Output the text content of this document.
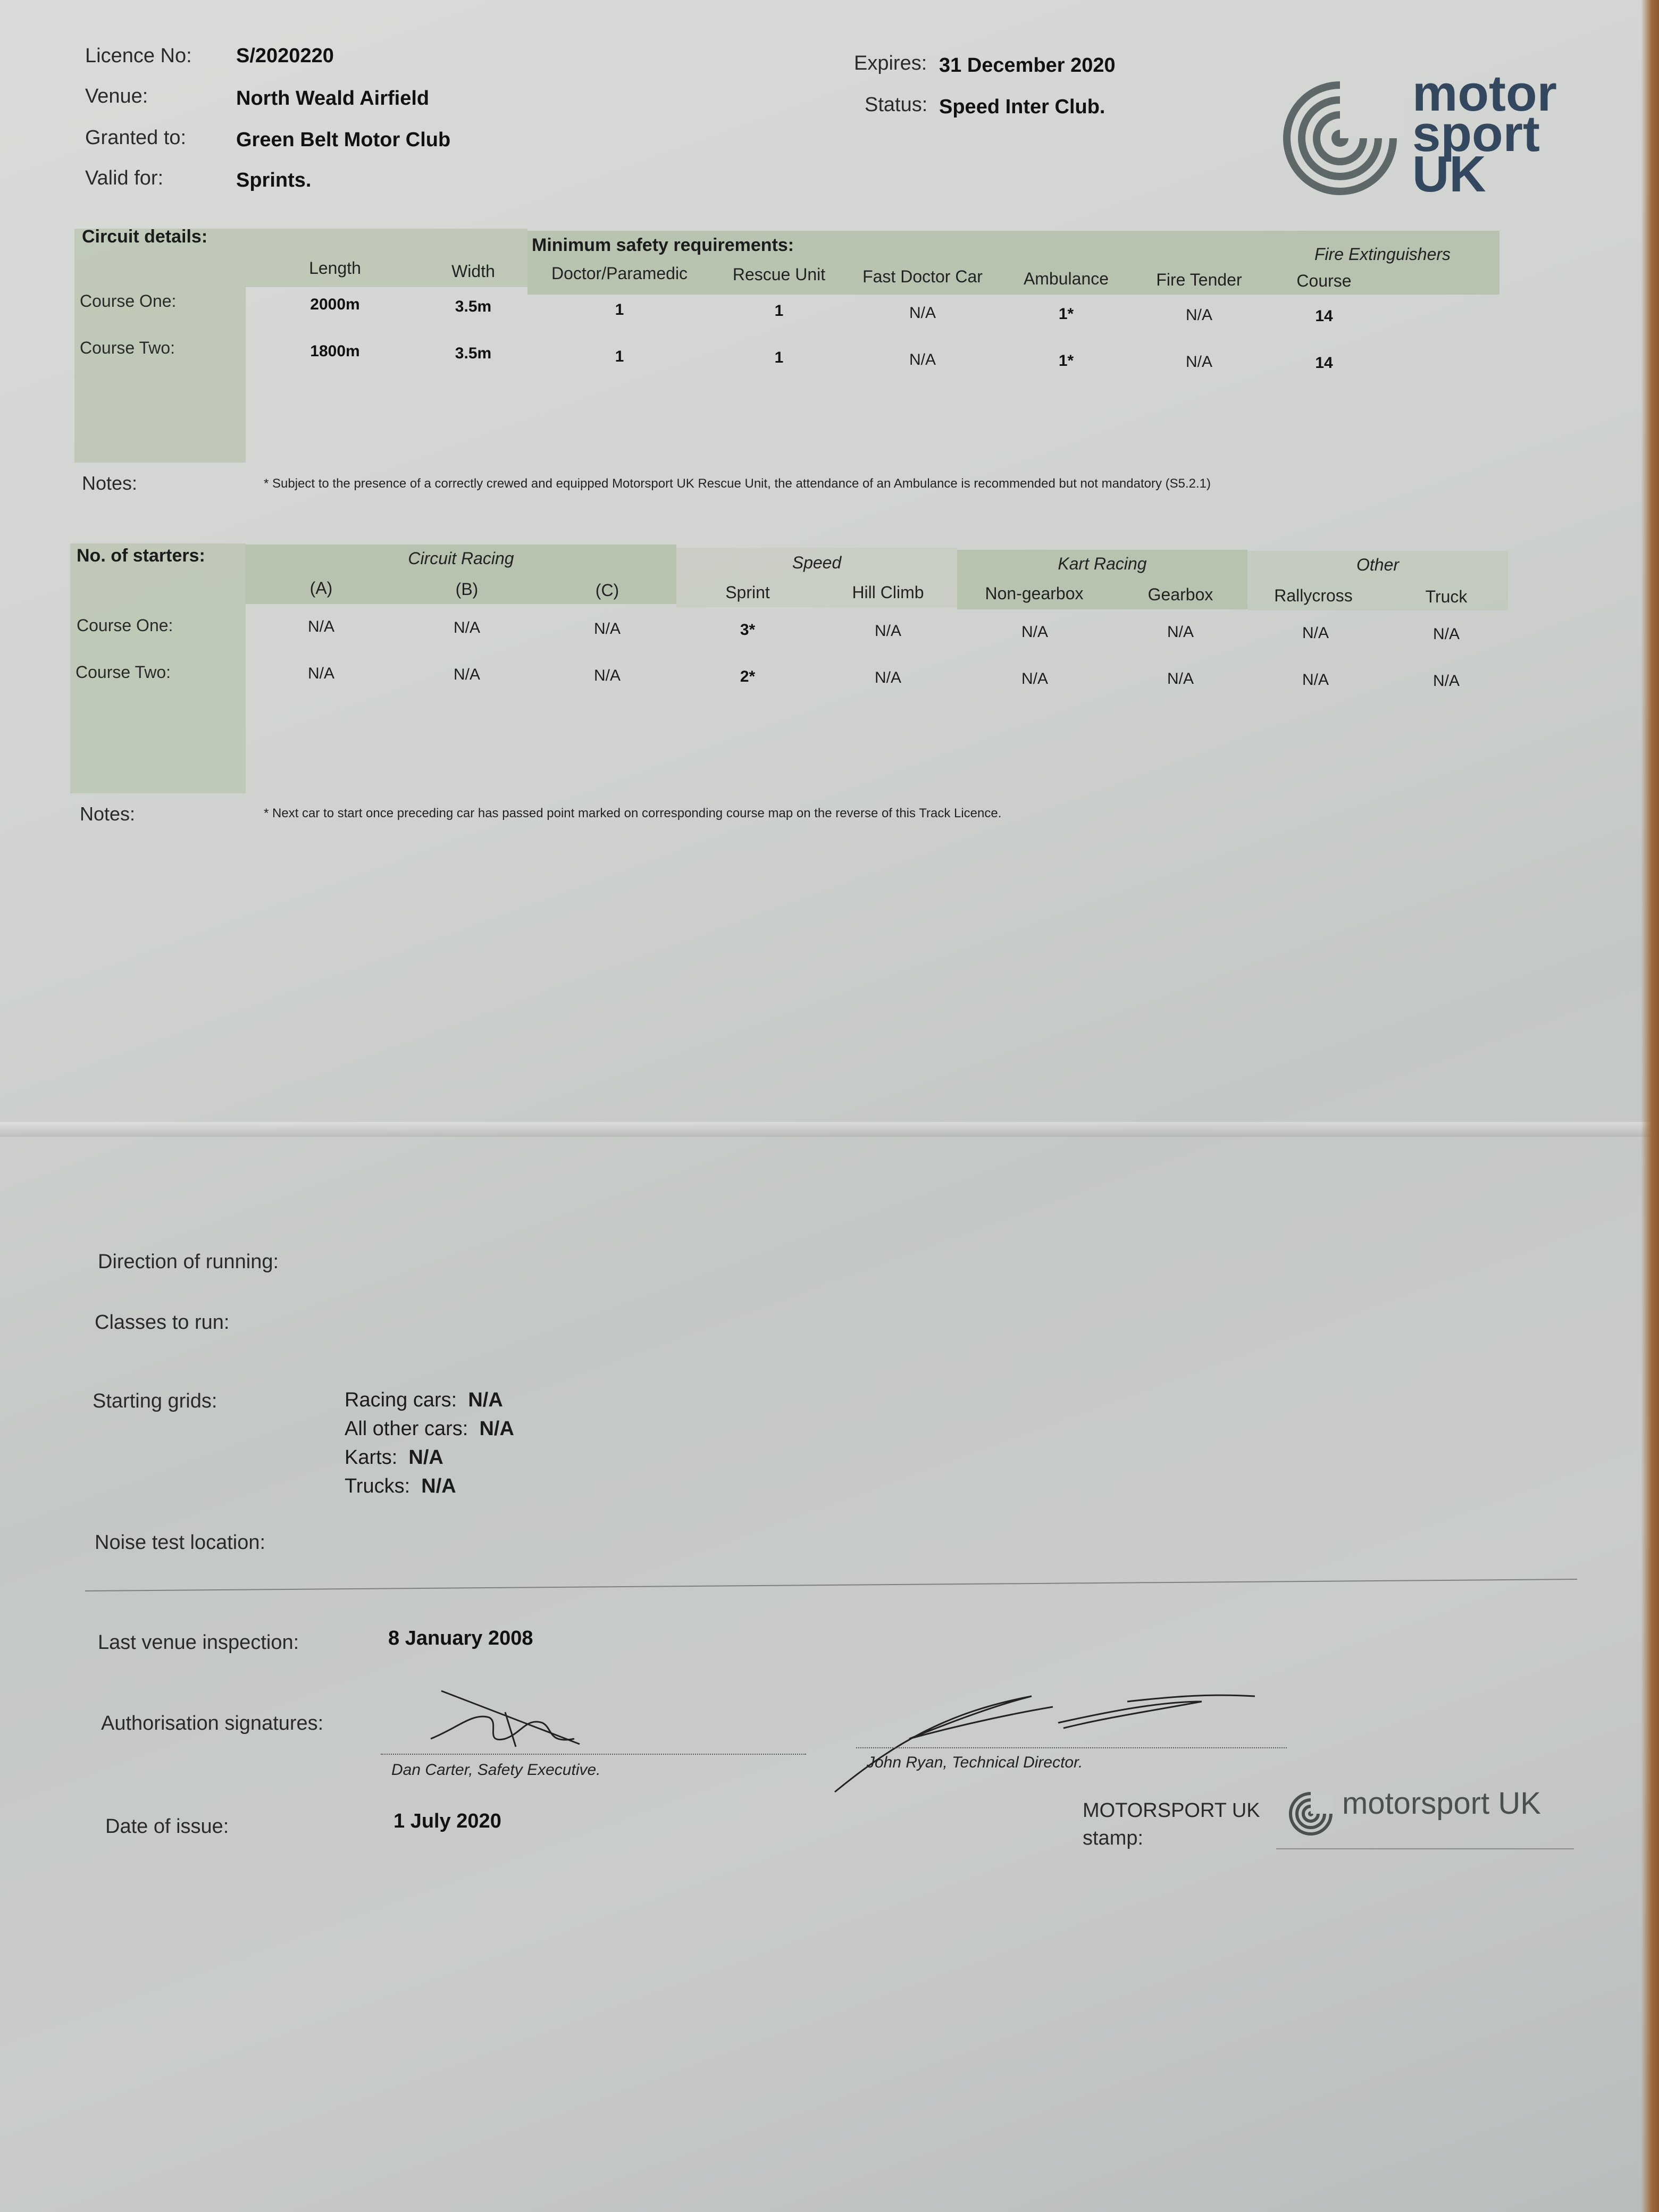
Licence No: S/2020220
Venue:	North Weald Airfield
Granted to: Green Belt Motor Club
Valid for:	Sprints.
Expires: 31 December 2020
Status: Speed Inter Club.	motor
sport
UK
Circuit details:	Minimum safety requirements:	Fire Extinguishers
Length	Width	Doctor/Paramedic	Rescue Unit	Fast Doctor Car	Ambulance	Fire Tender	Course
Course One:	2000m	3.5m	1	1	N/A	1*	N/A	14
Course Two:	1800m	3.5m	1	1	N/A	1*	N/A	14
Notes:	* Subject to the presence of a correctly crewed and equipped Motorsport UK Rescue Unit, the attendance of an Ambulance is recommended but not mandatory (S5.2.1)
No. of starters:	Circuit Racing	Speed	Kart Racing	Other
(A)	(B)	(C)	Sprint	Hill Climb	Non-gearbox	Gearbox	Rallycross	Truck
Course One:	N/A	N/A	N/A	3*	N/A	N/A	N/A	N/A	N/A
Course Two:	N/A	N/A	N/A	2*	N/A	N/A	N/A	N/A	N/A
Notes:	* Next car to start once preceding car has passed point marked on corresponding course map on the reverse of this Track Licence.
Direction of running:
Classes to run:
Starting grids:	Racing cars: N/A
All other cars: N/A
Karts: N/A
Trucks: N/A
Noise test location:
Last venue inspection:	8 January 2008
Authorisation signatures:
Dan Carter, Safety Executive.	John Ryan, Technical Director.
Date of issue:	1 July 2020	MOTORSPORT UK
stamp:
motorsport UK
